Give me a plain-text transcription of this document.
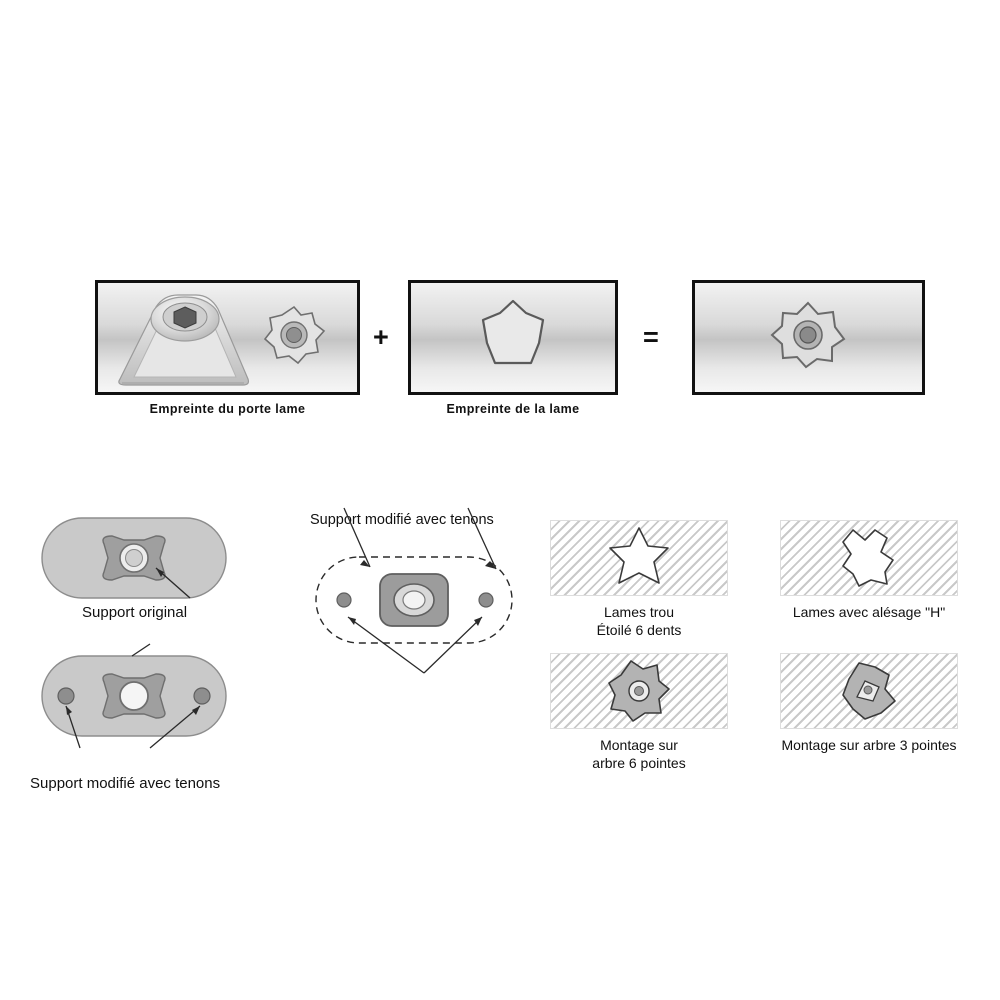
+	=
Empreinte du porte lame	Empreinte de la lame
Support original
Support modifié avec tenons
Support modifié avec tenons
Lames trou
Étoilé 6 dents
Lames avec alésage "H"
Montage sur
arbre 6 pointes
Montage sur arbre 3 pointes
